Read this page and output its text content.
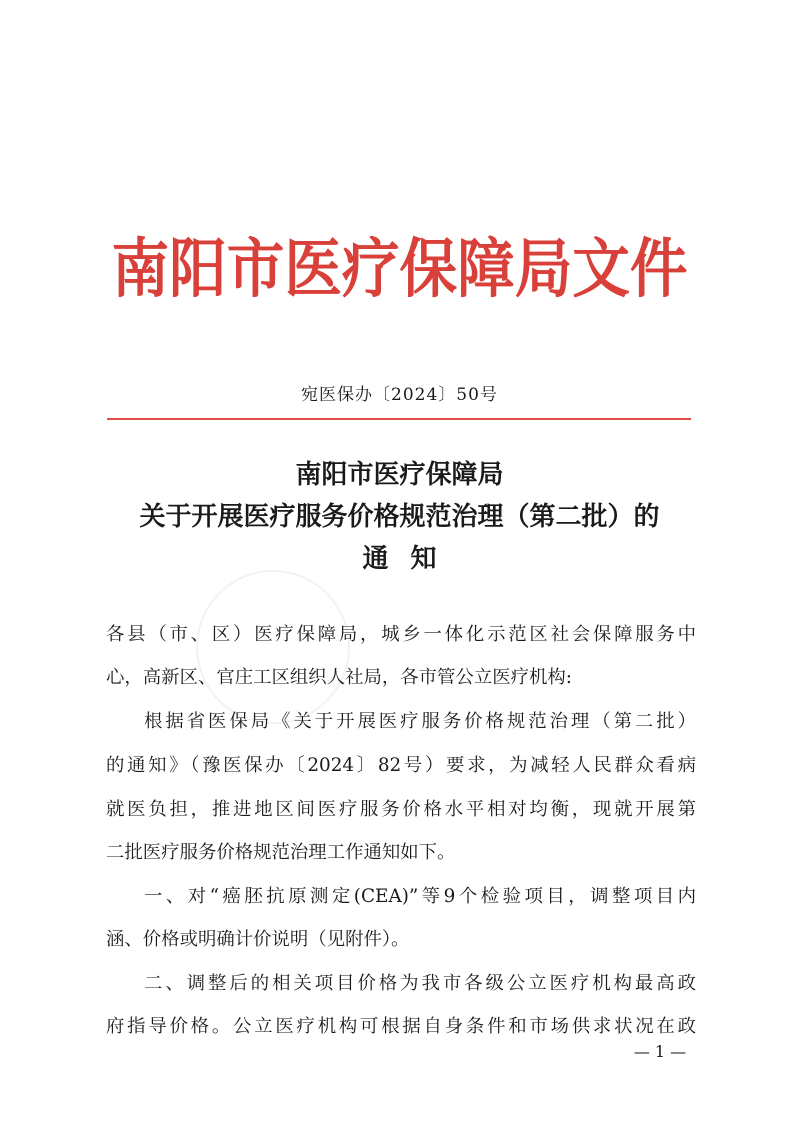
南阳市医疗保障局文件
宛医保办〔2024〕50号
南阳市医疗保障局
关于开展医疗服务价格规范治理（第二批）的
通知
各县（市、区）医疗保障局，城乡一体化示范区社会保障服务中
心，高新区、官庄工区组织人社局，各市管公立医疗机构:
根据省医保局《关于开展医疗服务价格规范治理（第二批）
的通知》（豫医保办〔2024〕82号）要求，为减轻人民群众看病
就医负担，推进地区间医疗服务价格水平相对均衡，现就开展第
二批医疗服务价格规范治理工作通知如下。
一、对“癌胚抗原测定(CEA)”等9个检验项目，调整项目内
涵、价格或明确计价说明（见附件）。
二、调整后的相关项目价格为我市各级公立医疗机构最高政
府指导价格。公立医疗机构可根据自身条件和市场供求状况在政
— 1 —
